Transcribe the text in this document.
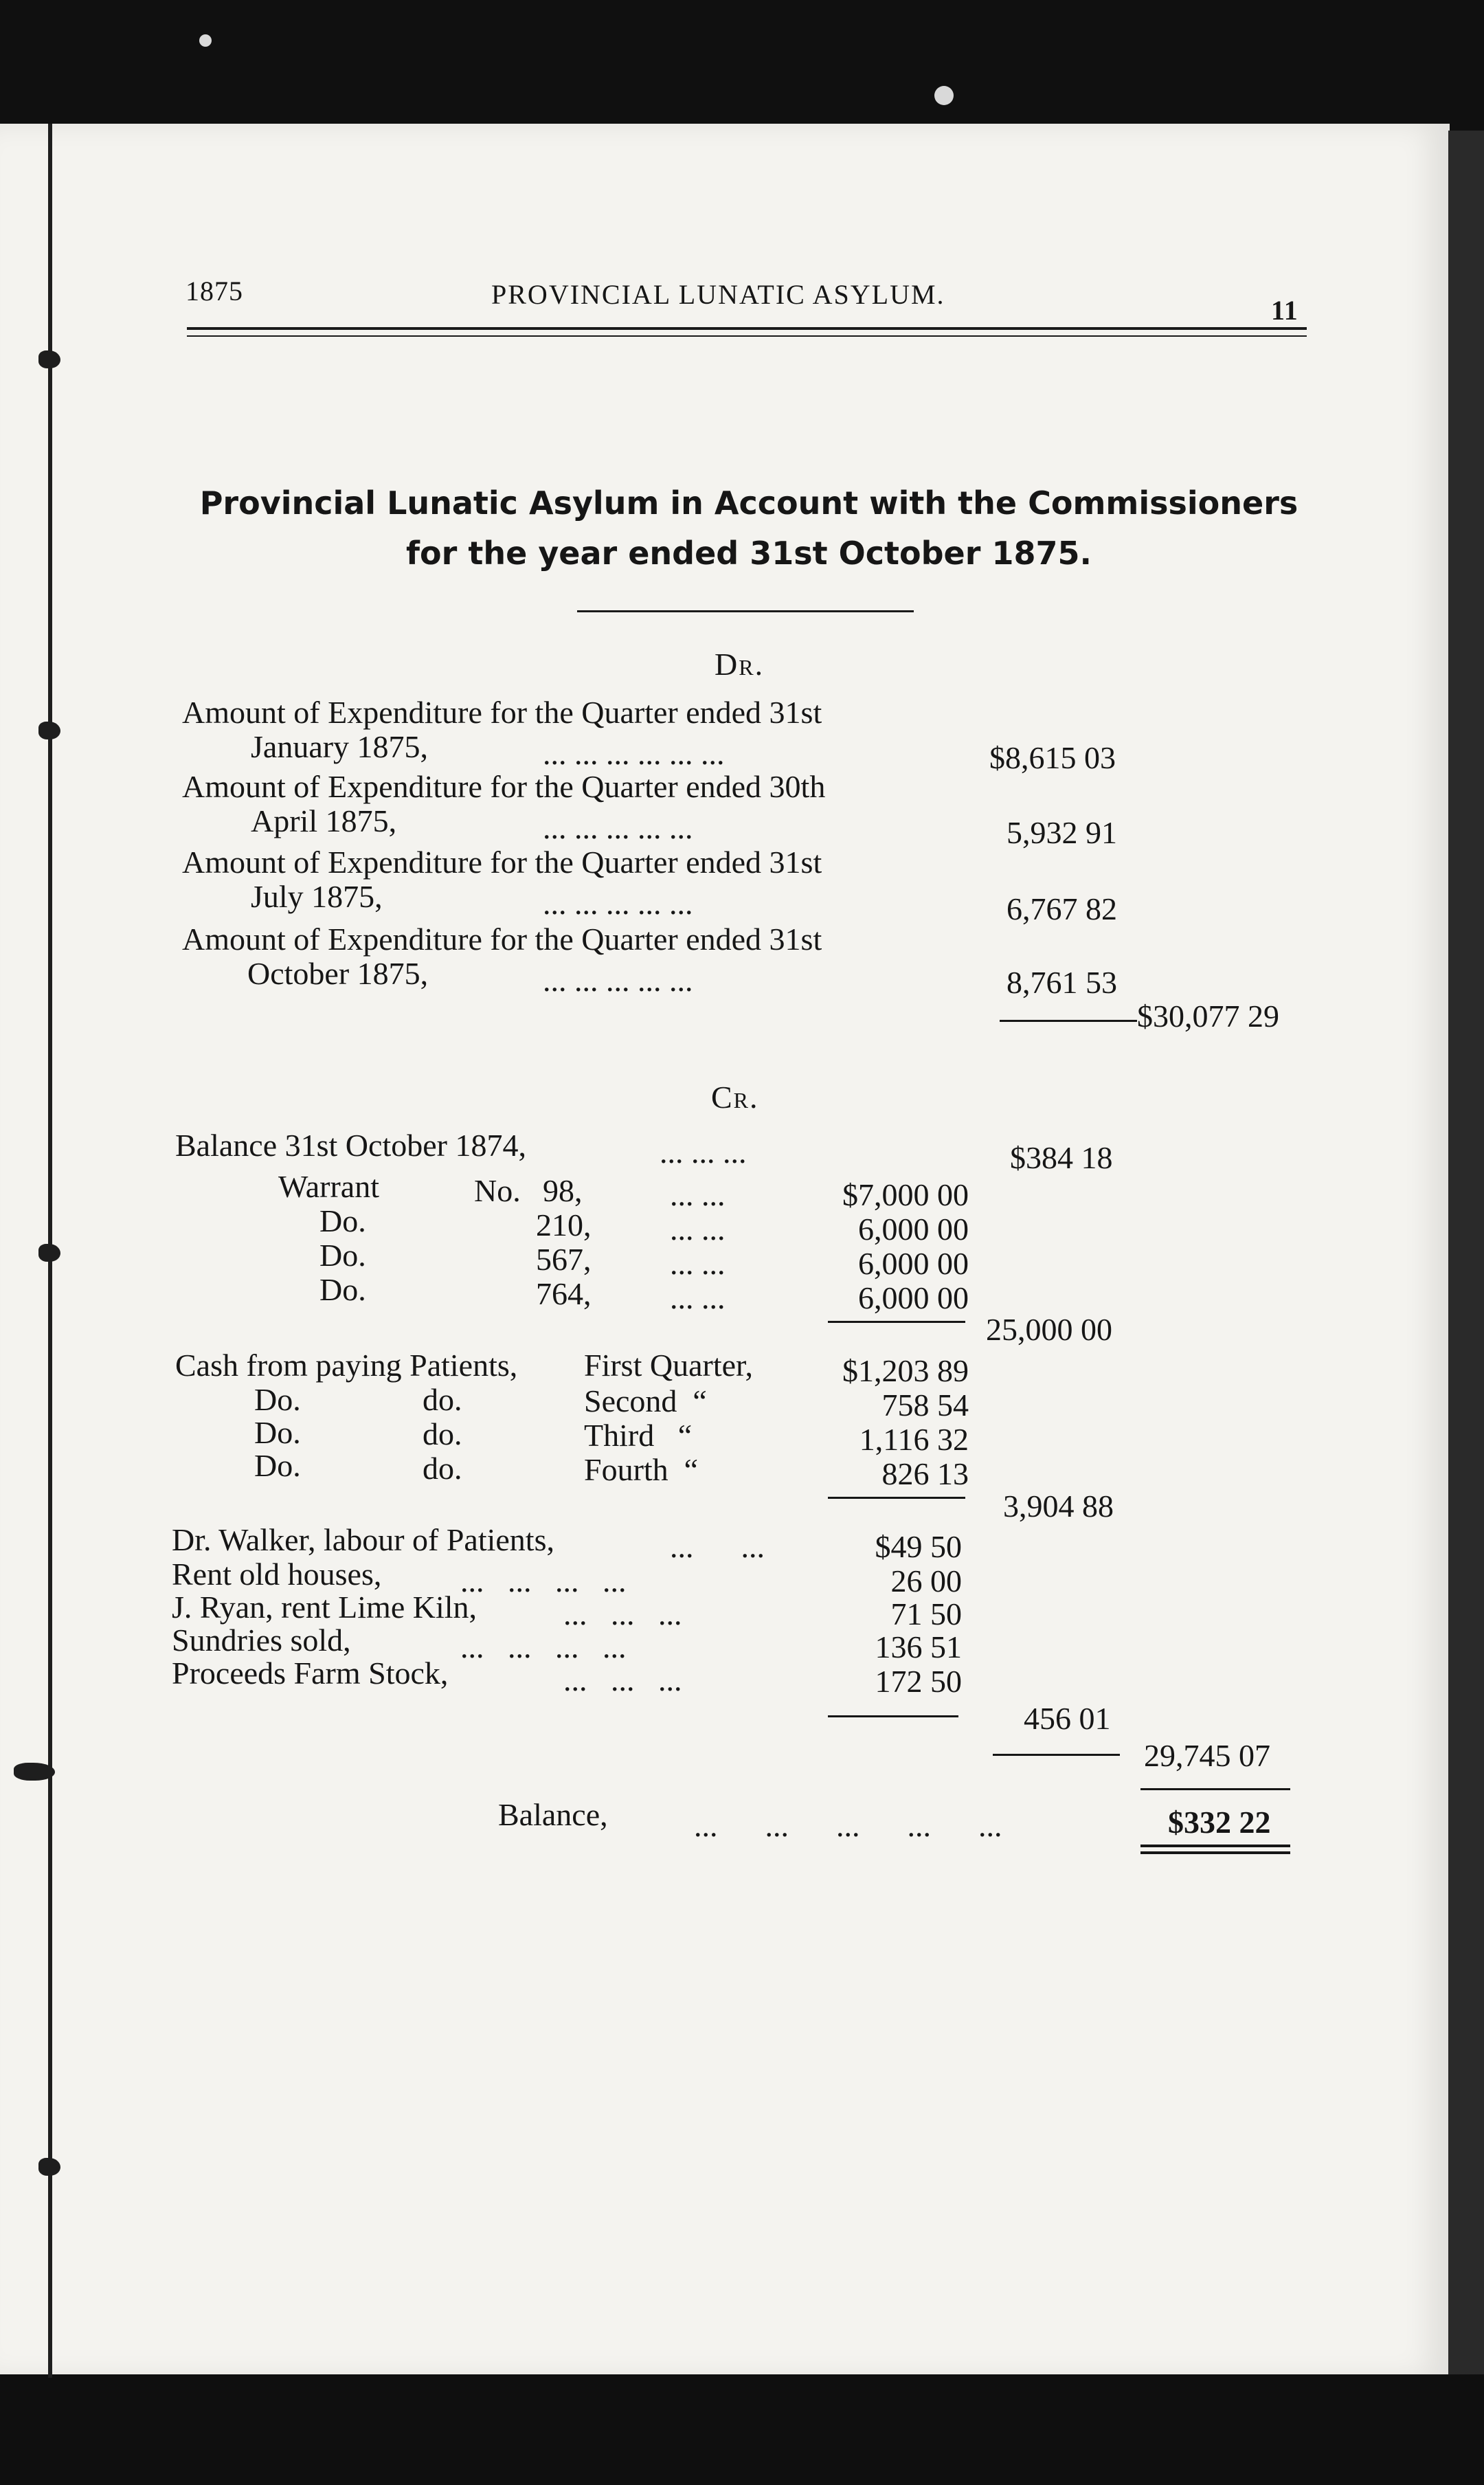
1875	PROVINCIAL LUNATIC ASYLUM.
11
Provincial Lunatic Asylum in Account with the Commissioners
for the year ended 31st October 1875.
Dr.
Amount of Expenditure for the Quarter ended 31st
January 1875,	... ... ... ... ... ...	$8,615 03
Amount of Expenditure for the Quarter ended 30th
April 1875,	... ... ... ... ...	5,932 91
Amount of Expenditure for the Quarter ended 31st
July 1875,	... ... ... ... ...	6,767 82
Amount of Expenditure for the Quarter ended 31st
October 1875,	... ... ... ... ...	8,761 53
$30,077 29
Cr.
Balance 31st October 1874,	... ... ...	$384 18
Warrant	No. 98,	... ...	$7,000 00
Do.	210, ... ...	6,000 00
Do.	567, ... ...	6,000 00
Do.	764, ... ...	6,000 00
25,000 00
Cash from paying Patients, First Quarter,	$1,203 89
Do.	do.	Second  “	758 54
Do.	do.	Third   “	1,116 32
Do.	do.	Fourth  “	826 13
3,904 88
Dr. Walker, labour of Patients,	...      ...	$49 50
Rent old houses, ...   ...   ...   ...	26 00
J. Ryan, rent Lime Kiln,	...   ...   ...	71 50
Sundries sold,	...   ...   ...   ...	136 51
Proceeds Farm Stock,	...   ...   ...	172 50
456 01
29,745 07
Balance,	...      ...      ...      ...      ...	$332 22
